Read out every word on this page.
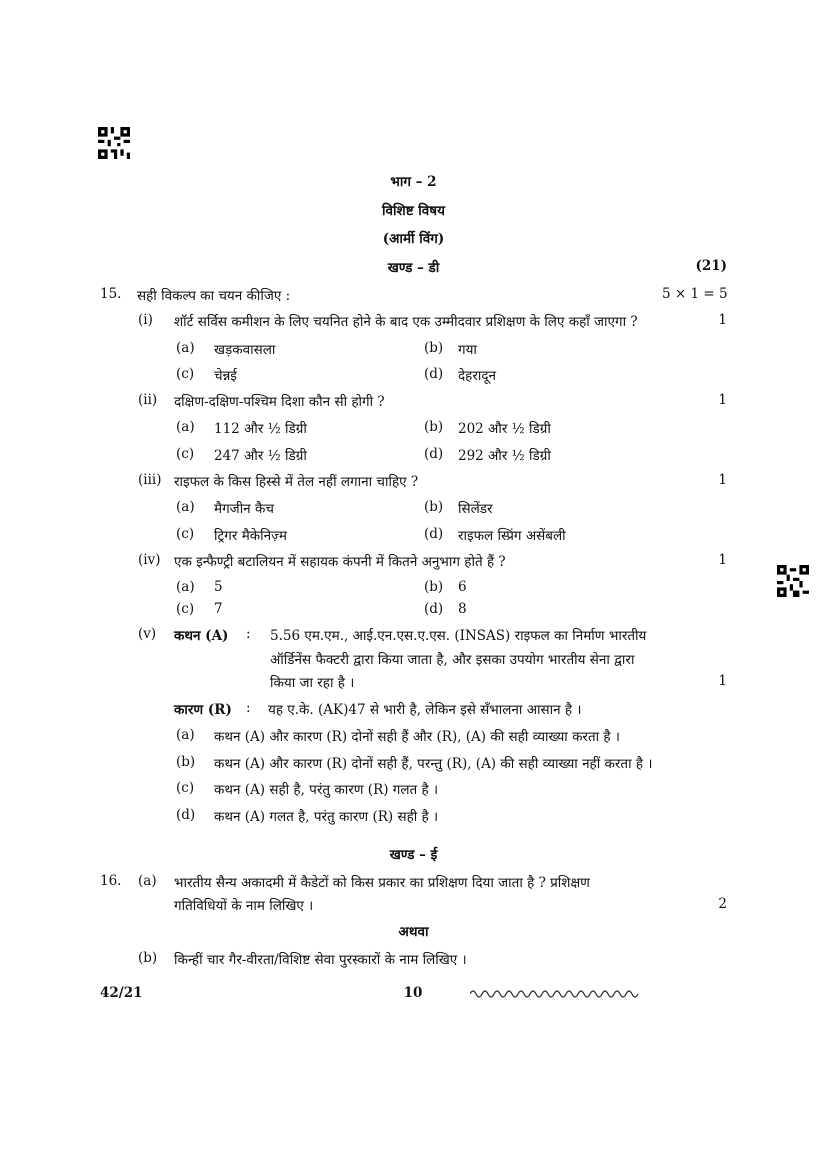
भाग – 2
विशिष्ट विषय
(आर्मी विंग)
खण्ड – डी	(21)
15. सही विकल्प का चयन कीजिए :	5 × 1 = 5
(i) शॉर्ट सर्विस कमीशन के लिए चयनित होने के बाद एक उम्मीदवार प्रशिक्षण के लिए कहाँ जाएगा ?	1
(a) खड़कवासला	(b) गया
(c) चेन्नई	(d) देहरादून
(ii) दक्षिण-दक्षिण-पश्चिम दिशा कौन सी होगी ?	1
(a) 112 और ½ डिग्री	(b) 202 और ½ डिग्री
(c) 247 और ½ डिग्री	(d) 292 और ½ डिग्री
(iii) राइफल के किस हिस्से में तेल नहीं लगाना चाहिए ?	1
(a) मैगजीन कैच	(b) सिलेंडर
(c) ट्रिगर मैकेनिज़्म	(d) राइफल स्प्रिंग असेंबली
(iv) एक इन्फैण्ट्री बटालियन में सहायक कंपनी में कितने अनुभाग होते हैं ?	1
(a) 5	(b) 6
(c) 7	(d) 8
(v) कथन (A) : 5.56 एम.एम., आई.एन.एस.ए.एस. (INSAS) राइफल का निर्माण भारतीय
ऑर्डिनेंस फैक्टरी द्वारा किया जाता है, और इसका उपयोग भारतीय सेना द्वारा
किया जा रहा है ।	1
कारण (R) : यह ए.के. (AK)47 से भारी है, लेकिन इसे सँभालना आसान है ।
(a) कथन (A) और कारण (R) दोनों सही हैं और (R), (A) की सही व्याख्या करता है ।
(b) कथन (A) और कारण (R) दोनों सही हैं, परन्तु (R), (A) की सही व्याख्या नहीं करता है ।
(c) कथन (A) सही है, परंतु कारण (R) गलत है ।
(d) कथन (A) गलत है, परंतु कारण (R) सही है ।
खण्ड – ई
16. (a) भारतीय सैन्य अकादमी में कैडेटों को किस प्रकार का प्रशिक्षण दिया जाता है ? प्रशिक्षण
गतिविधियों के नाम लिखिए ।	2
अथवा
(b) किन्हीं चार गैर-वीरता/विशिष्ट सेवा पुरस्कारों के नाम लिखिए ।
42/21	10
